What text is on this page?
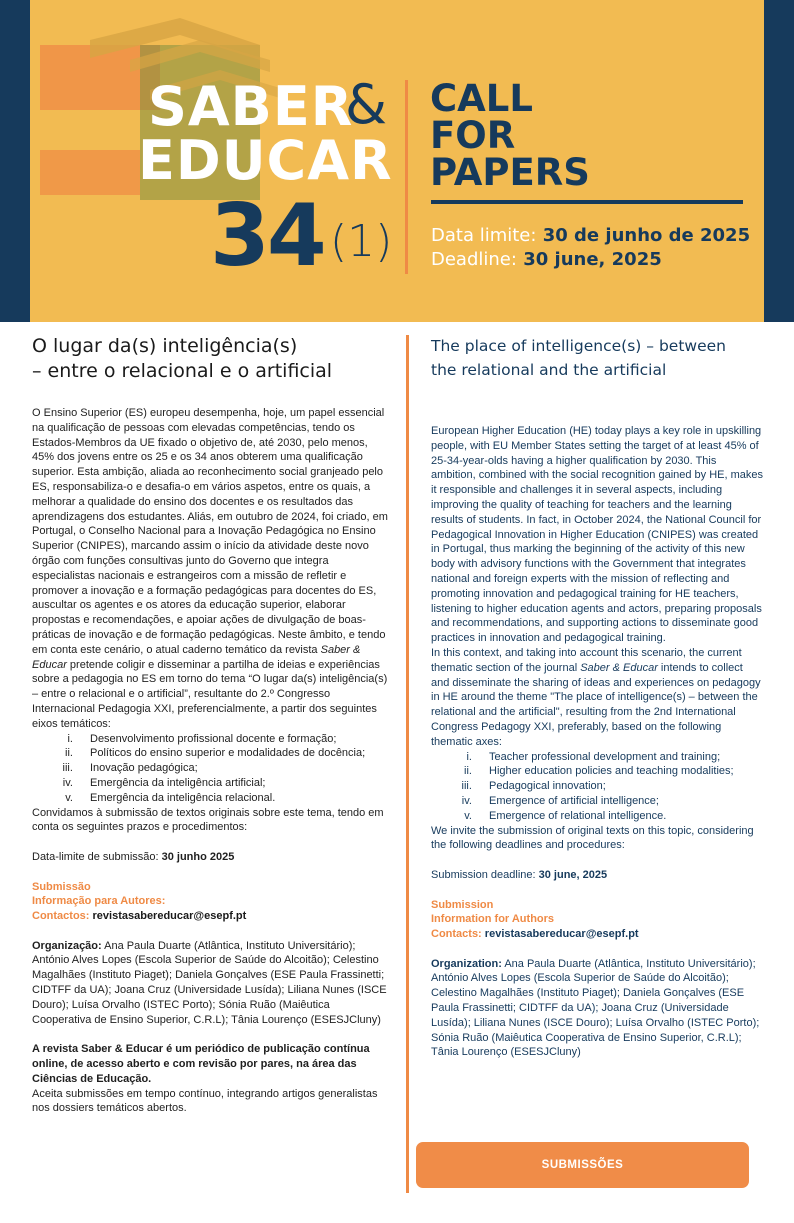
SABER
&
EDUCAR
34 (1)
CALL
FOR
PAPERS
Data limite: 30 de junho de 2025
Deadline: 30 june, 2025
O lugar da(s) inteligência(s)
– entre o relacional e o artificial

O Ensino Superior (ES) europeu desempenha, hoje, um papel essencial na qualificação de pessoas com elevadas competências, tendo os Estados-Membros da UE fixado o objetivo de, até 2030, pelo menos, 45% dos jovens entre os 25 e os 34 anos obterem uma qualificação superior. Esta ambição, aliada ao reconhecimento social granjeado pelo ES, responsabiliza-o e desafia-o em vários aspetos, entre os quais, a melhorar a qualidade do ensino dos docentes e os resultados das aprendizagens dos estudantes. Aliás, em outubro de 2024, foi criado, em Portugal, o Conselho Nacional para a Inovação Pedagógica no Ensino Superior (CNIPES), marcando assim o início da atividade deste novo órgão com funções consultivas junto do Governo que integra especialistas nacionais e estrangeiros com a missão de refletir e promover a inovação e a formação pedagógicas para docentes do ES, auscultar os agentes e os atores da educação superior, elaborar propostas e recomendações, e apoiar ações de divulgação de boas-práticas de inovação e de formação pedagógicas. Neste âmbito, e tendo em conta este cenário, o atual caderno temático da revista Saber & Educar pretende coligir e disseminar a partilha de ideias e experiências sobre a pedagogia no ES em torno do tema “O lugar da(s) inteligência(s) – entre o relacional e o artificial”, resultante do 2.º Congresso Internacional Pedagogia XXI, preferencialmente, a partir dos seguintes eixos temáticos:

i. Desenvolvimento profissional docente e formação;
ii. Políticos do ensino superior e modalidades de docência;
iii. Inovação pedagógica;
iv. Emergência da inteligência artificial;
v. Emergência da inteligência relacional.

Convidamos à submissão de textos originais sobre este tema, tendo em conta os seguintes prazos e procedimentos:

Data-limite de submissão: 30 junho 2025

Submissão
Informação para Autores:
Contactos: revistasabereducar@esepf.pt

Organização: Ana Paula Duarte (Atlântica, Instituto Universitário); António Alves Lopes (Escola Superior de Saúde do Alcoitão); Celestino Magalhães (Instituto Piaget); Daniela Gonçalves (ESE Paula Frassinetti; CIDTFF da UA); Joana Cruz (Universidade Lusída); Liliana Nunes (ISCE Douro); Luísa Orvalho (ISTEC Porto); Sónia Ruão (Maiêutica Cooperativa de Ensino Superior, C.R.L); Tânia Lourenço (ESESJCluny)

A revista Saber & Educar é um periódico de publicação contínua online, de acesso aberto e com revisão por pares, na área das Ciências de Educação.

Aceita submissões em tempo contínuo, integrando artigos generalistas nos dossiers temáticos abertos.

The place of intelligence(s) – between
the relational and the artificial

European Higher Education (HE) today plays a key role in upskilling people, with EU Member States setting the target of at least 45% of 25-34-year-olds having a higher qualification by 2030. This ambition, combined with the social recognition gained by HE, makes it responsible and challenges it in several aspects, including improving the quality of teaching for teachers and the learning results of students. In fact, in October 2024, the National Council for Pedagogical Innovation in Higher Education (CNIPES) was created in Portugal, thus marking the beginning of the activity of this new body with advisory functions with the Government that integrates national and foreign experts with the mission of reflecting and promoting innovation and pedagogical training for HE teachers, listening to higher education agents and actors, preparing proposals and recommendations, and supporting actions to disseminate good practices in innovation and pedagogical training.

In this context, and taking into account this scenario, the current thematic section of the journal Saber & Educar intends to collect and disseminate the sharing of ideas and experiences on pedagogy in HE around the theme "The place of intelligence(s) – between the relational and the artificial", resulting from the 2nd International Congress Pedagogy XXI, preferably, based on the following thematic axes:

i. Teacher professional development and training;
ii. Higher education policies and teaching modalities;
iii. Pedagogical innovation;
iv. Emergence of artificial intelligence;
v. Emergence of relational intelligence.

We invite the submission of original texts on this topic, considering the following deadlines and procedures:

Submission deadline: 30 june, 2025

Submission
Information for Authors
Contacts: revistasabereducar@esepf.pt

Organization: Ana Paula Duarte (Atlântica, Instituto Universitário); António Alves Lopes (Escola Superior de Saúde do Alcoitão); Celestino Magalhães (Instituto Piaget); Daniela Gonçalves (ESE Paula Frassinetti; CIDTFF da UA); Joana Cruz (Universidade Lusída); Liliana Nunes (ISCE Douro); Luísa Orvalho (ISTEC Porto); Sónia Ruão (Maiêutica Cooperativa de Ensino Superior, C.R.L); Tânia Lourenço (ESESJCluny)

SUBMISSÕES
